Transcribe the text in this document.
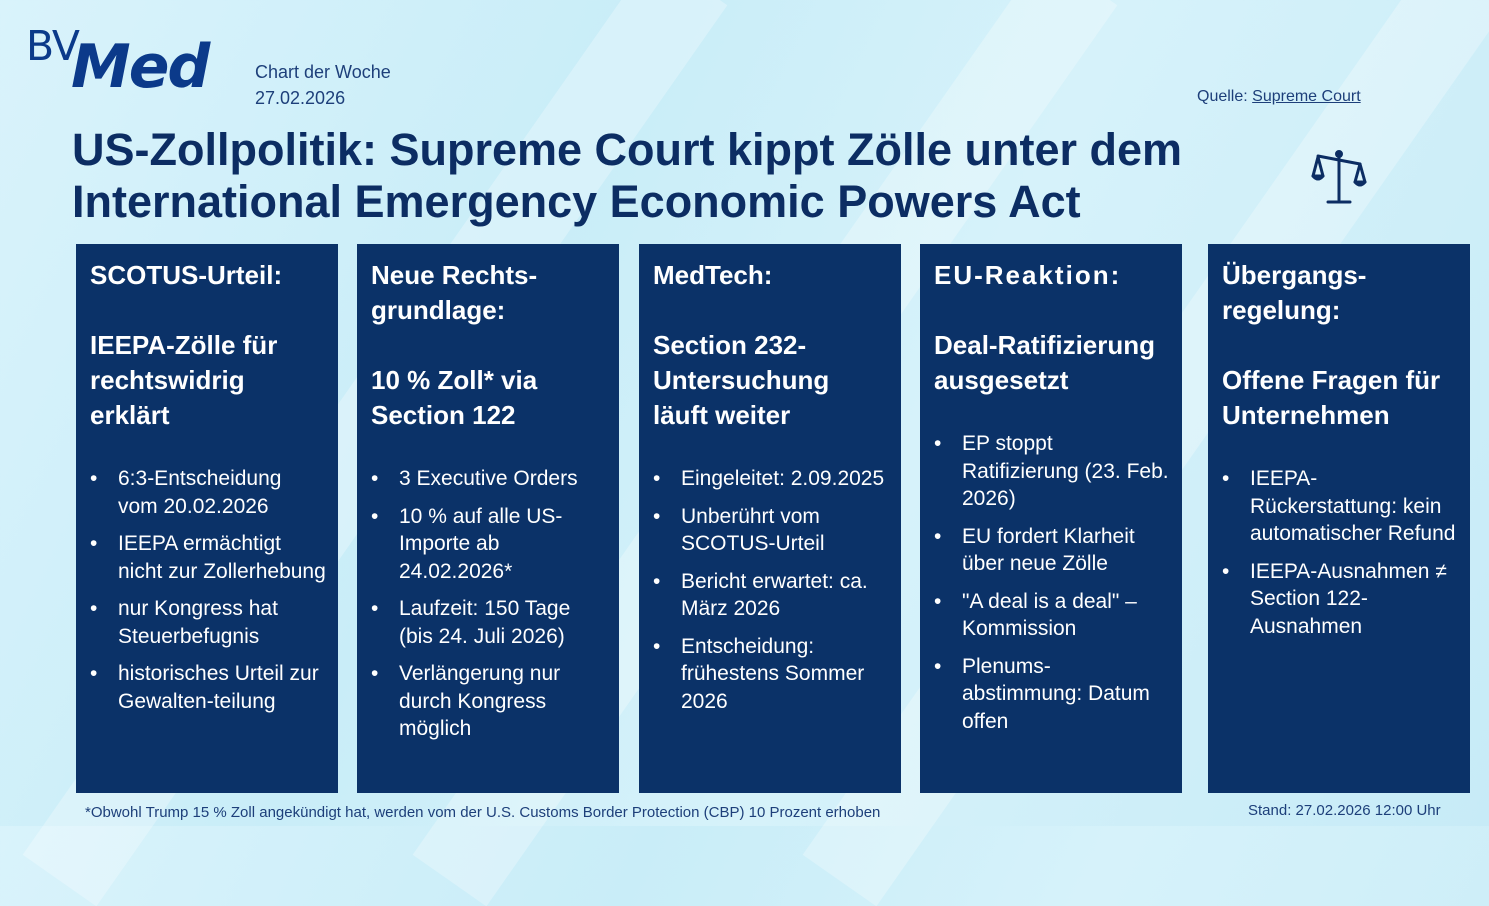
BV
Med	Chart der Woche
27.02.2026	Quelle: Supreme Court
US-Zollpolitik: Supreme Court kippt Zölle unter dem
International Emergency Economic Powers Act
SCOTUS-Urteil:
IEEPA-Zölle für rechtswidrig erklärt
• 6:3-Entscheidung vom 20.02.2026
• IEEPA ermächtigt nicht zur Zollerhebung
• nur Kongress hat Steuerbefugnis
• historisches Urteil zur Gewalten-teilung
Neue Rechts-grundlage:
10 % Zoll* via Section 122
• 3 Executive Orders
• 10 % auf alle US-Importe ab 24.02.2026*
• Laufzeit: 150 Tage (bis 24. Juli 2026)
• Verlängerung nur durch Kongress möglich
MedTech:
Section 232-Untersuchung läuft weiter
• Eingeleitet: 2.09.2025
• Unberührt vom SCOTUS-Urteil
• Bericht erwartet: ca. März 2026
• Entscheidung: frühestens Sommer 2026
EU-Reaktion:
Deal-Ratifizierung ausgesetzt
• EP stoppt Ratifizierung (23. Feb. 2026)
• EU fordert Klarheit über neue Zölle
• "A deal is a deal" – Kommission
• Plenums-abstimmung: Datum offen
Übergangs-regelung:
Offene Fragen für Unternehmen
• IEEPA-Rückerstattung: kein automatischer Refund
• IEEPA-Ausnahmen ≠ Section 122-Ausnahmen
*Obwohl Trump 15 % Zoll angekündigt hat, werden vom der U.S. Customs Border Protection (CBP) 10 Prozent erhoben	Stand: 27.02.2026 12:00 Uhr
